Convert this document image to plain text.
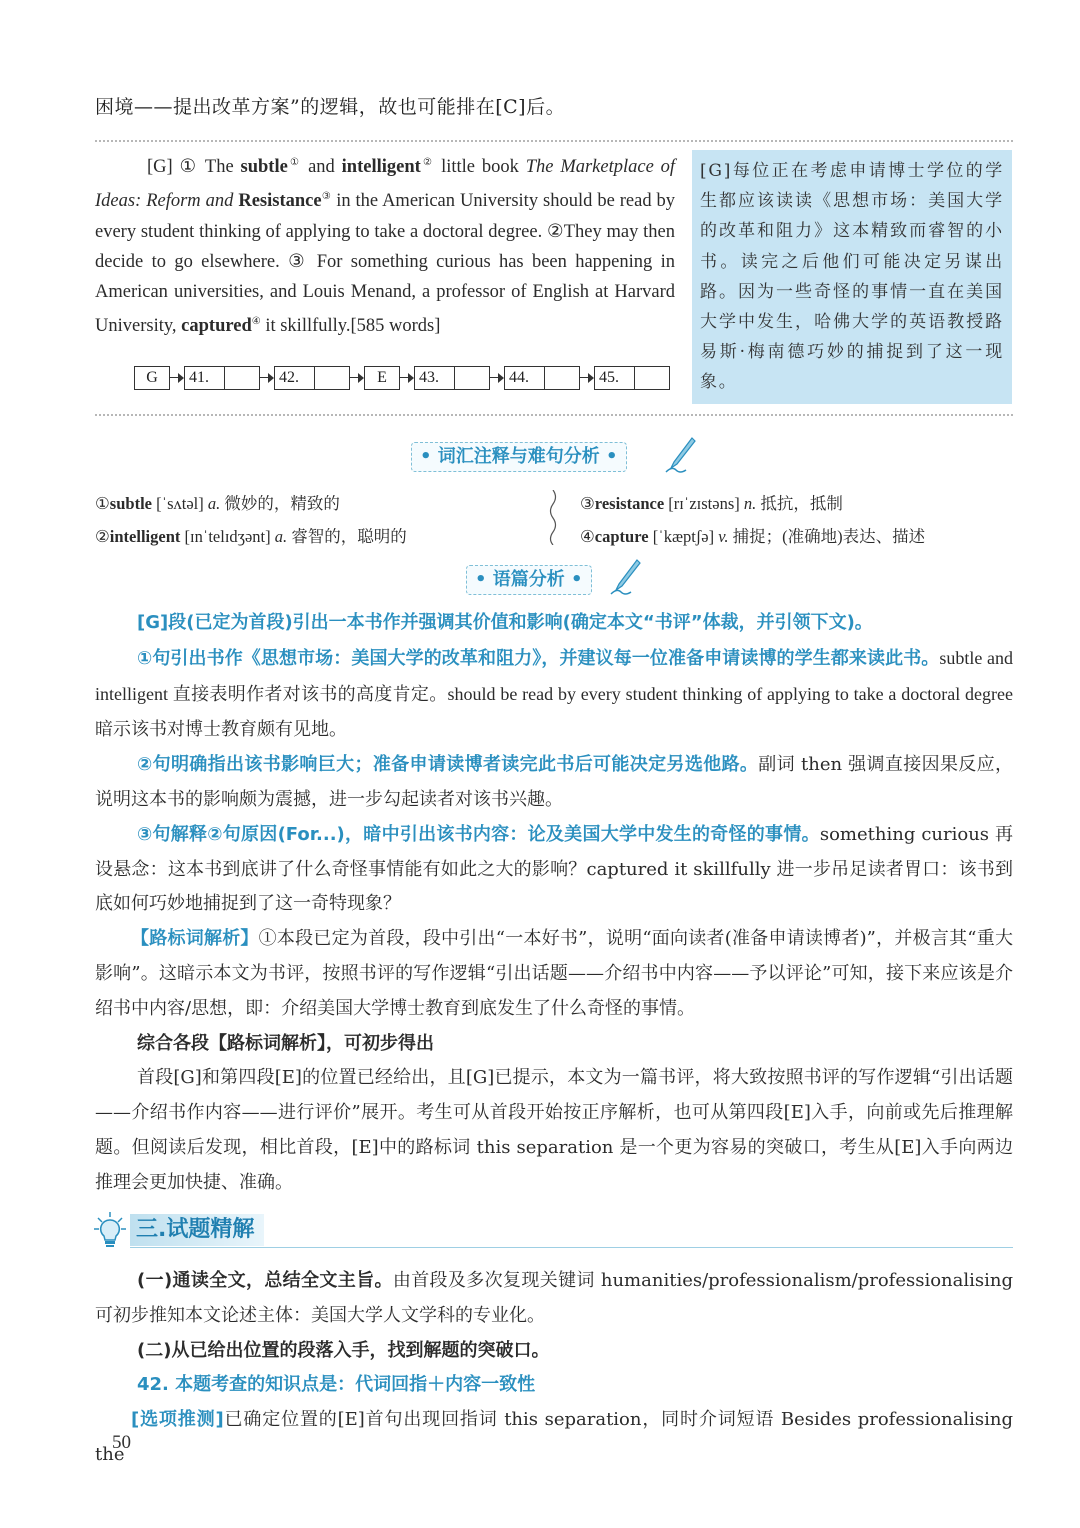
困境——提出改革方案”的逻辑，故也可能排在[C]后。
[G] ① The subtle① and intelligent② little book The Marketplace of Ideas: Reform and Resistance③ in the American University should be read by every student thinking of applying to take a doctoral degree. ②They may then decide to go elsewhere. ③ For something curious has been happening in American universities, and Louis Menand, a professor of English at Harvard University, captured④ it skillfully.[585 words]
G	41.	42.	E	43.	44.	45.
[G]每位正在考虑申请博士学位的学生都应该读读《思想市场：美国大学的改革和阻力》这本精致而睿智的小书。读完之后他们可能决定另谋出路。因为一些奇怪的事情一直在美国大学中发生，哈佛大学的英语教授路易斯·梅南德巧妙的捕捉到了这一现象。
• 词汇注释与难句分析 •
①subtle [ˈsʌtəl] a. 微妙的，精致的
②intelligent [ɪnˈtelɪdʒənt] a. 睿智的，聪明的
③resistance [rɪˈzɪstəns] n. 抵抗，抵制
④capture [ˈkæptʃə] v. 捕捉；(准确地)表达、描述
• 语篇分析 •

[G]段(已定为首段)引出一本书作并强调其价值和影响(确定本文“书评”体裁，并引领下文)。

①句引出书作《思想市场：美国大学的改革和阻力》，并建议每一位准备申请读博的学生都来读此书。subtle and intelligent 直接表明作者对该书的高度肯定。should be read by every student thinking of applying to take a doctoral degree 暗示该书对博士教育颇有见地。

②句明确指出该书影响巨大；准备申请读博者读完此书后可能决定另选他路。副词 then 强调直接因果反应，说明这本书的影响颇为震撼，进一步勾起读者对该书兴趣。

③句解释②句原因(For...)，暗中引出该书内容：论及美国大学中发生的奇怪的事情。something curious 再设悬念：这本书到底讲了什么奇怪事情能有如此之大的影响？captured it skillfully 进一步吊足读者胃口：该书到底如何巧妙地捕捉到了这一奇特现象？

【路标词解析】①本段已定为首段，段中引出“一本好书”，说明“面向读者(准备申请读博者)”，并极言其“重大影响”。这暗示本文为书评，按照书评的写作逻辑“引出话题——介绍书中内容——予以评论”可知，接下来应该是介绍书中内容/思想，即：介绍美国大学博士教育到底发生了什么奇怪的事情。

综合各段【路标词解析】，可初步得出

首段[G]和第四段[E]的位置已经给出，且[G]已提示，本文为一篇书评，将大致按照书评的写作逻辑“引出话题——介绍书作内容——进行评价”展开。考生可从首段开始按正序解析，也可从第四段[E]入手，向前或先后推理解题。但阅读后发现，相比首段，[E]中的路标词 this separation 是一个更为容易的突破口，考生从[E]入手向两边推理会更加快捷、准确。

三.试题精解

(一)通读全文，总结全文主旨。由首段及多次复现关键词 humanities/professionalism/professionalising 可初步推知本文论述主体：美国大学人文学科的专业化。

(二)从已给出位置的段落入手，找到解题的突破口。

42. 本题考查的知识点是：代词回指＋内容一致性

[选项推测]已确定位置的[E]首句出现回指词 this separation，同时介词短语 Besides professionalising the

50
